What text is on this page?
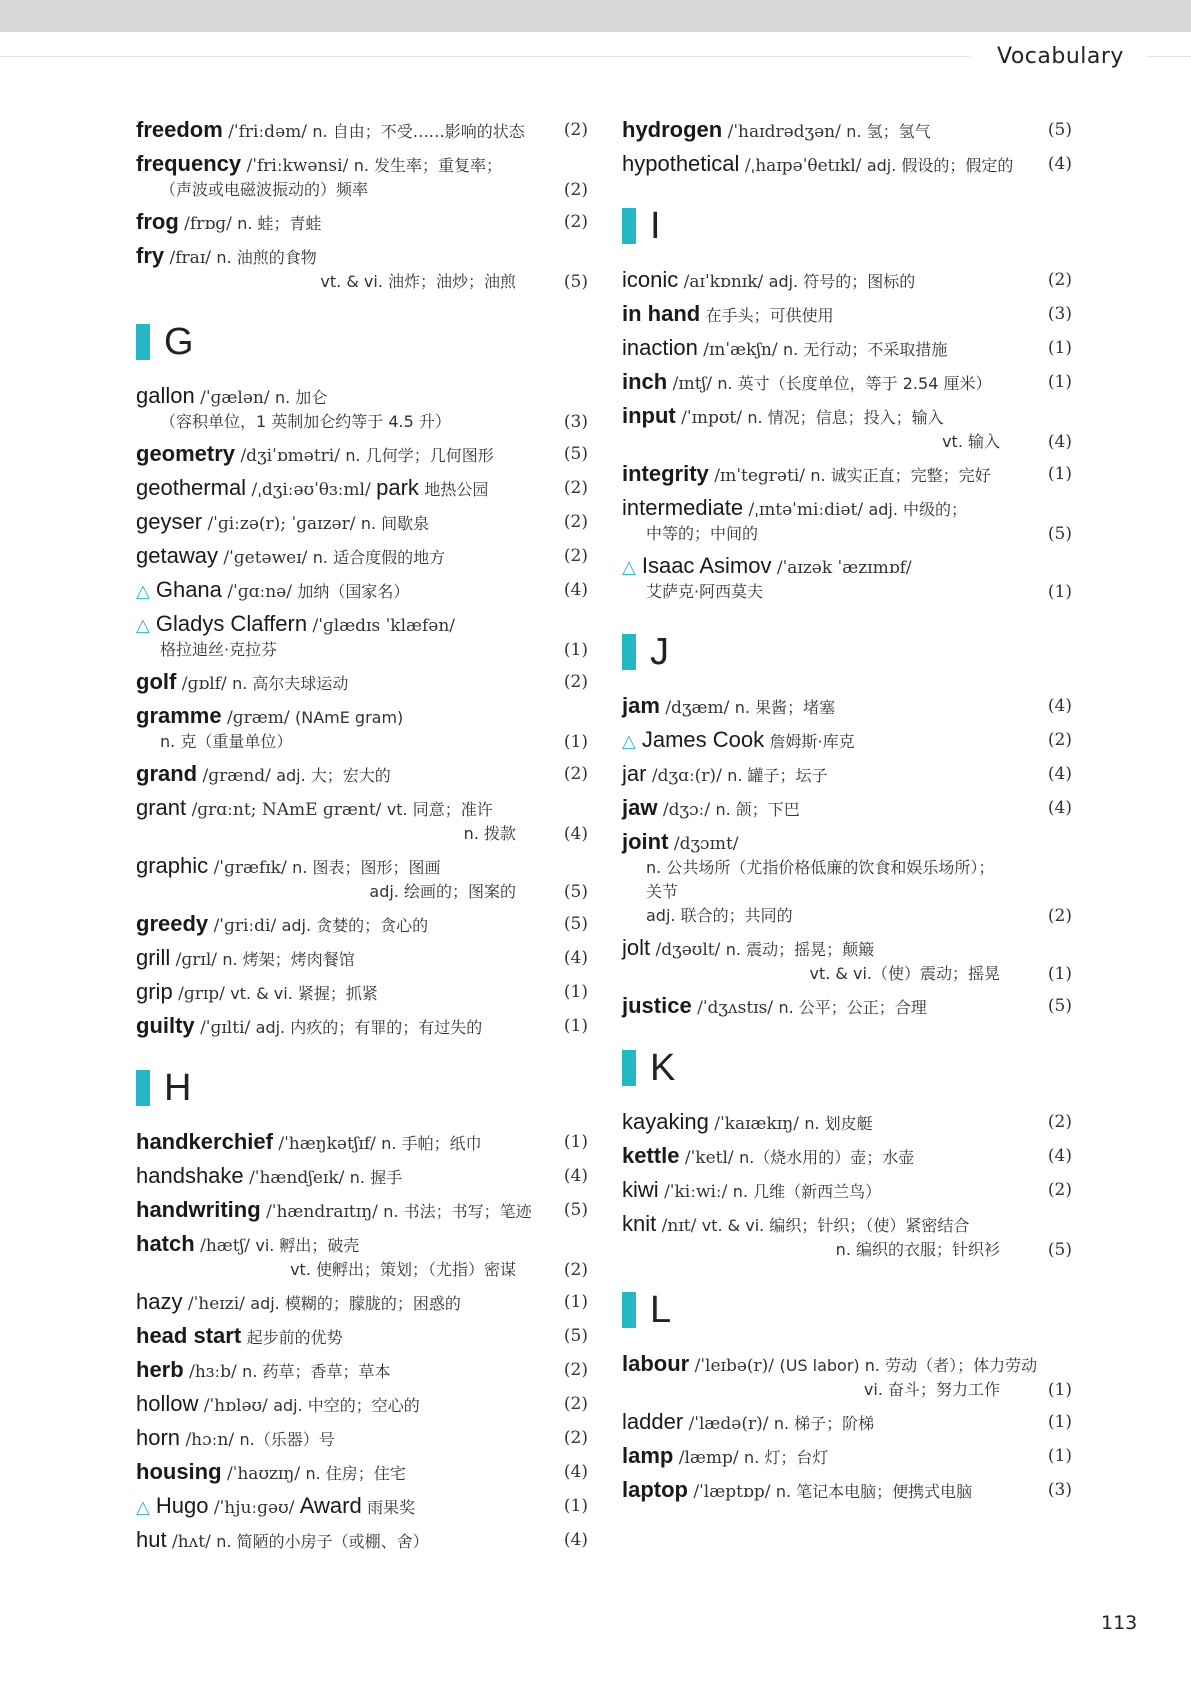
Vocabulary
freedom /ˈfriːdəm/ n. 自由；不受……影响的状态 (2)
frequency /ˈfriːkwənsi/ n. 发生率；重复率；
（声波或电磁波振动的）频率	(2)
frog /frɒɡ/ n. 蛙；青蛙	(2)
fry /fraɪ/ n. 油煎的食物
vt. & vi. 油炸；油炒；油煎	(5)
G
gallon /ˈɡælən/ n. 加仑
（容积单位，1 英制加仑约等于 4.5 升）	(3)
geometry /dʒiˈɒmətri/ n. 几何学；几何图形	(5)
geothermal /ˌdʒiːəʊˈθɜːml/ park 地热公园	(2)
geyser /ˈɡiːzə(r); ˈɡaɪzər/ n. 间歇泉	(2)
getaway /ˈɡetəweɪ/ n. 适合度假的地方	(2)
△ Ghana /ˈɡɑːnə/ 加纳（国家名）	(4)
△ Gladys Claffern /ˈɡlædɪs ˈklæfən/
格拉迪丝·克拉芬	(1)
golf /ɡɒlf/ n. 高尔夫球运动	(2)
gramme /ɡræm/ (NAmE gram)
n. 克（重量单位）	(1)
grand /ɡrænd/ adj. 大；宏大的	(2)
grant /ɡrɑːnt; NAmE ɡrænt/ vt. 同意；准许
n. 拨款	(4)
graphic /ˈɡræfɪk/ n. 图表；图形；图画
adj. 绘画的；图案的	(5)
greedy /ˈɡriːdi/ adj. 贪婪的；贪心的	(5)
grill /ɡrɪl/ n. 烤架；烤肉餐馆	(4)
grip /ɡrɪp/ vt. & vi. 紧握；抓紧	(1)
guilty /ˈɡɪlti/ adj. 内疚的；有罪的；有过失的	(1)
H
handkerchief /ˈhæŋkətʃɪf/ n. 手帕；纸巾	(1)
handshake /ˈhændʃeɪk/ n. 握手	(4)
handwriting /ˈhændraɪtɪŋ/ n. 书法；书写；笔迹 (5)
hatch /hætʃ/ vi. 孵出；破壳
vt. 使孵出；策划；（尤指）密谋	(2)
hazy /ˈheɪzi/ adj. 模糊的；朦胧的；困惑的	(1)
head start 起步前的优势	(5)
herb /hɜːb/ n. 药草；香草；草本	(2)
hollow /ˈhɒləʊ/ adj. 中空的；空心的	(2)
horn /hɔːn/ n.（乐器）号	(2)
housing /ˈhaʊzɪŋ/ n. 住房；住宅	(4)
△ Hugo /ˈhjuːɡəʊ/ Award 雨果奖	(1)
hut /hʌt/ n. 简陋的小房子（或棚、舍）	(4)
hydrogen /ˈhaɪdrədʒən/ n. 氢；氢气	(5)
hypothetical /ˌhaɪpəˈθetɪkl/ adj. 假设的；假定的 (4)
I
iconic /aɪˈkɒnɪk/ adj. 符号的；图标的	(2)
in hand 在手头；可供使用	(3)
inaction /ɪnˈækʃn/ n. 无行动；不采取措施	(1)
inch /ɪntʃ/ n. 英寸（长度单位，等于 2.54 厘米）	(1)
input /ˈɪnpʊt/ n. 情况；信息；投入；输入
vt. 输入	(4)
integrity /ɪnˈteɡrəti/ n. 诚实正直；完整；完好	(1)
intermediate /ˌɪntəˈmiːdiət/ adj. 中级的；
中等的；中间的	(5)
△ Isaac Asimov /ˈaɪzək ˈæzɪmɒf/
艾萨克·阿西莫夫	(1)
J
jam /dʒæm/ n. 果酱；堵塞	(4)
△ James Cook 詹姆斯·库克	(2)
jar /dʒɑː(r)/ n. 罐子；坛子	(4)
jaw /dʒɔː/ n. 颌；下巴	(4)
joint /dʒɔɪnt/
n. 公共场所（尤指价格低廉的饮食和娱乐场所）；
关节
adj. 联合的；共同的	(2)
jolt /dʒəʊlt/ n. 震动；摇晃；颠簸
vt. & vi.（使）震动；摇晃	(1)
justice /ˈdʒʌstɪs/ n. 公平；公正；合理	(5)
K
kayaking /ˈkaɪækɪŋ/ n. 划皮艇	(2)
kettle /ˈketl/ n.（烧水用的）壶；水壶	(4)
kiwi /ˈkiːwiː/ n. 几维（新西兰鸟）	(2)
knit /nɪt/ vt. & vi. 编织；针织；（使）紧密结合
n. 编织的衣服；针织衫	(5)
L
labour /ˈleɪbə(r)/ (US labor) n. 劳动（者）；体力劳动
vi. 奋斗；努力工作	(1)
ladder /ˈlædə(r)/ n. 梯子；阶梯	(1)
lamp /læmp/ n. 灯；台灯	(1)
laptop /ˈlæptɒp/ n. 笔记本电脑；便携式电脑	(3)
113
